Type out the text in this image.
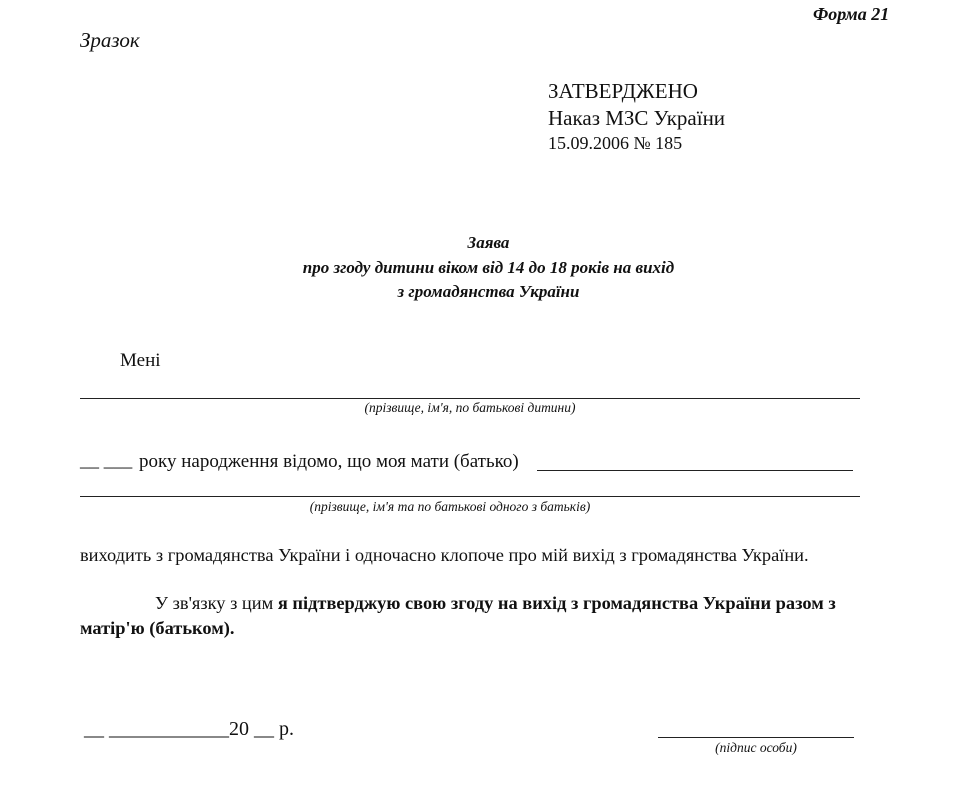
Форма 21
Зразок
ЗАТВЕРДЖЕНО
Наказ МЗС України
15.09.2006 № 185
Заява
про згоду дитини віком від 14 до 18 років на вихід
з громадянства України
Мені
(прізвище, ім'я, по батькові дитини)
__ ___ року народження відомо, що моя мати (батько)
(прізвище, ім'я та по батькові одного з батьків)
виходить з громадянства України і одночасно клопоче про мій вихід з громадянства України.
У зв'язку з цим я підтверджую свою згоду на вихід з громадянства України разом з
матір'ю (батьком).
__ ____________20 __ р.
(підпис особи)
